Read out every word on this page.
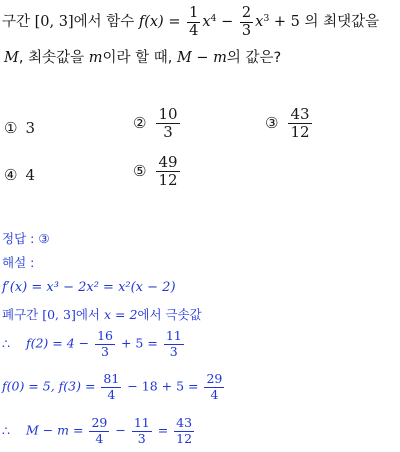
구간 [0, 3]에서 함수 $f(x) = \frac{1}{4} x^4 - \frac{2}{3} x^3 + 5$ 의 최댓값을
M, 최솟값을 m이라 할 때, M − m의 값은?
① 3	② $\frac{10}{3}$	③ $\frac{43}{12}$
④ 4	⑤ $\frac{49}{12}$
정답 : ③
해설 :
f′(x) = x³ − 2x² = x²(x − 2)
폐구간 [0, 3]에서 x = 2에서 극솟값
∴ $f(2) = 4 - \frac{16}{3} + 5 = \frac{11}{3}$
f(0) = 5, $f(3) = \frac{81}{4} - 18 + 5 = \frac{29}{4}$
∴ $M - m = \frac{29}{4} - \frac{11}{3} = \frac{43}{12}$
